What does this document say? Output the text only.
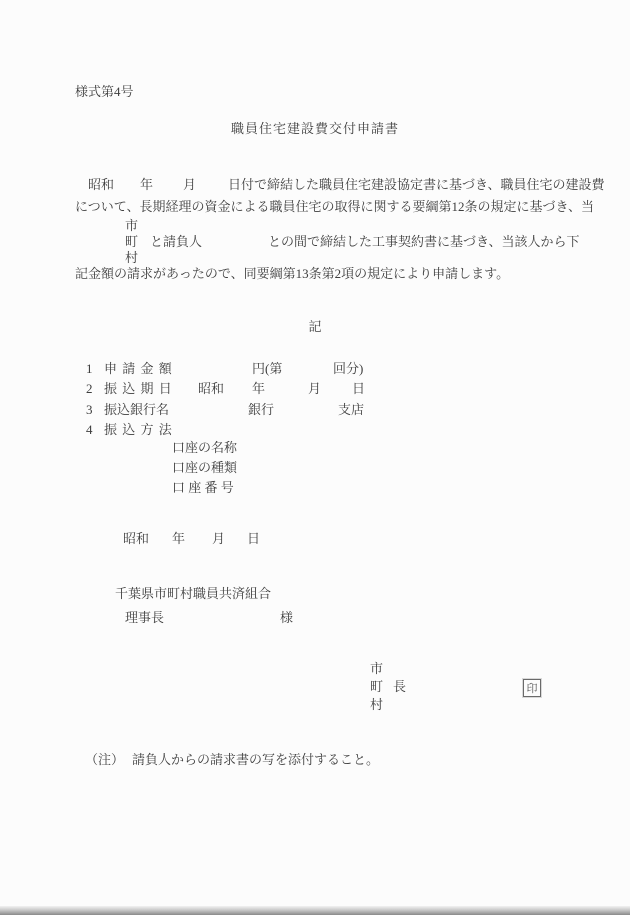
様式第4号
職員住宅建設費交付申請書
昭和 年 月 日付で締結した職員住宅建設協定書に基づき、職員住宅の建設費
について、長期経理の資金による職員住宅の取得に関する要綱第12条の規定に基づき、当
市
町 と請負人	との間で締結した工事契約書に基づき、当該人から下
村
記金額の請求があったので、同要綱第13条第2項の規定により申請します。
記
1 申 請 金 額	円(第	回分)
2 振 込 期 日 昭和 年	月 日
3 振込銀行名	銀行	支店
4 振 込 方 法
口座の名称
口座の種類
口 座 番 号
昭和 年 月 日
千葉県市町村職員共済組合
理事長	様
市
町 長
村
印
（注） 請負人からの請求書の写を添付すること。
